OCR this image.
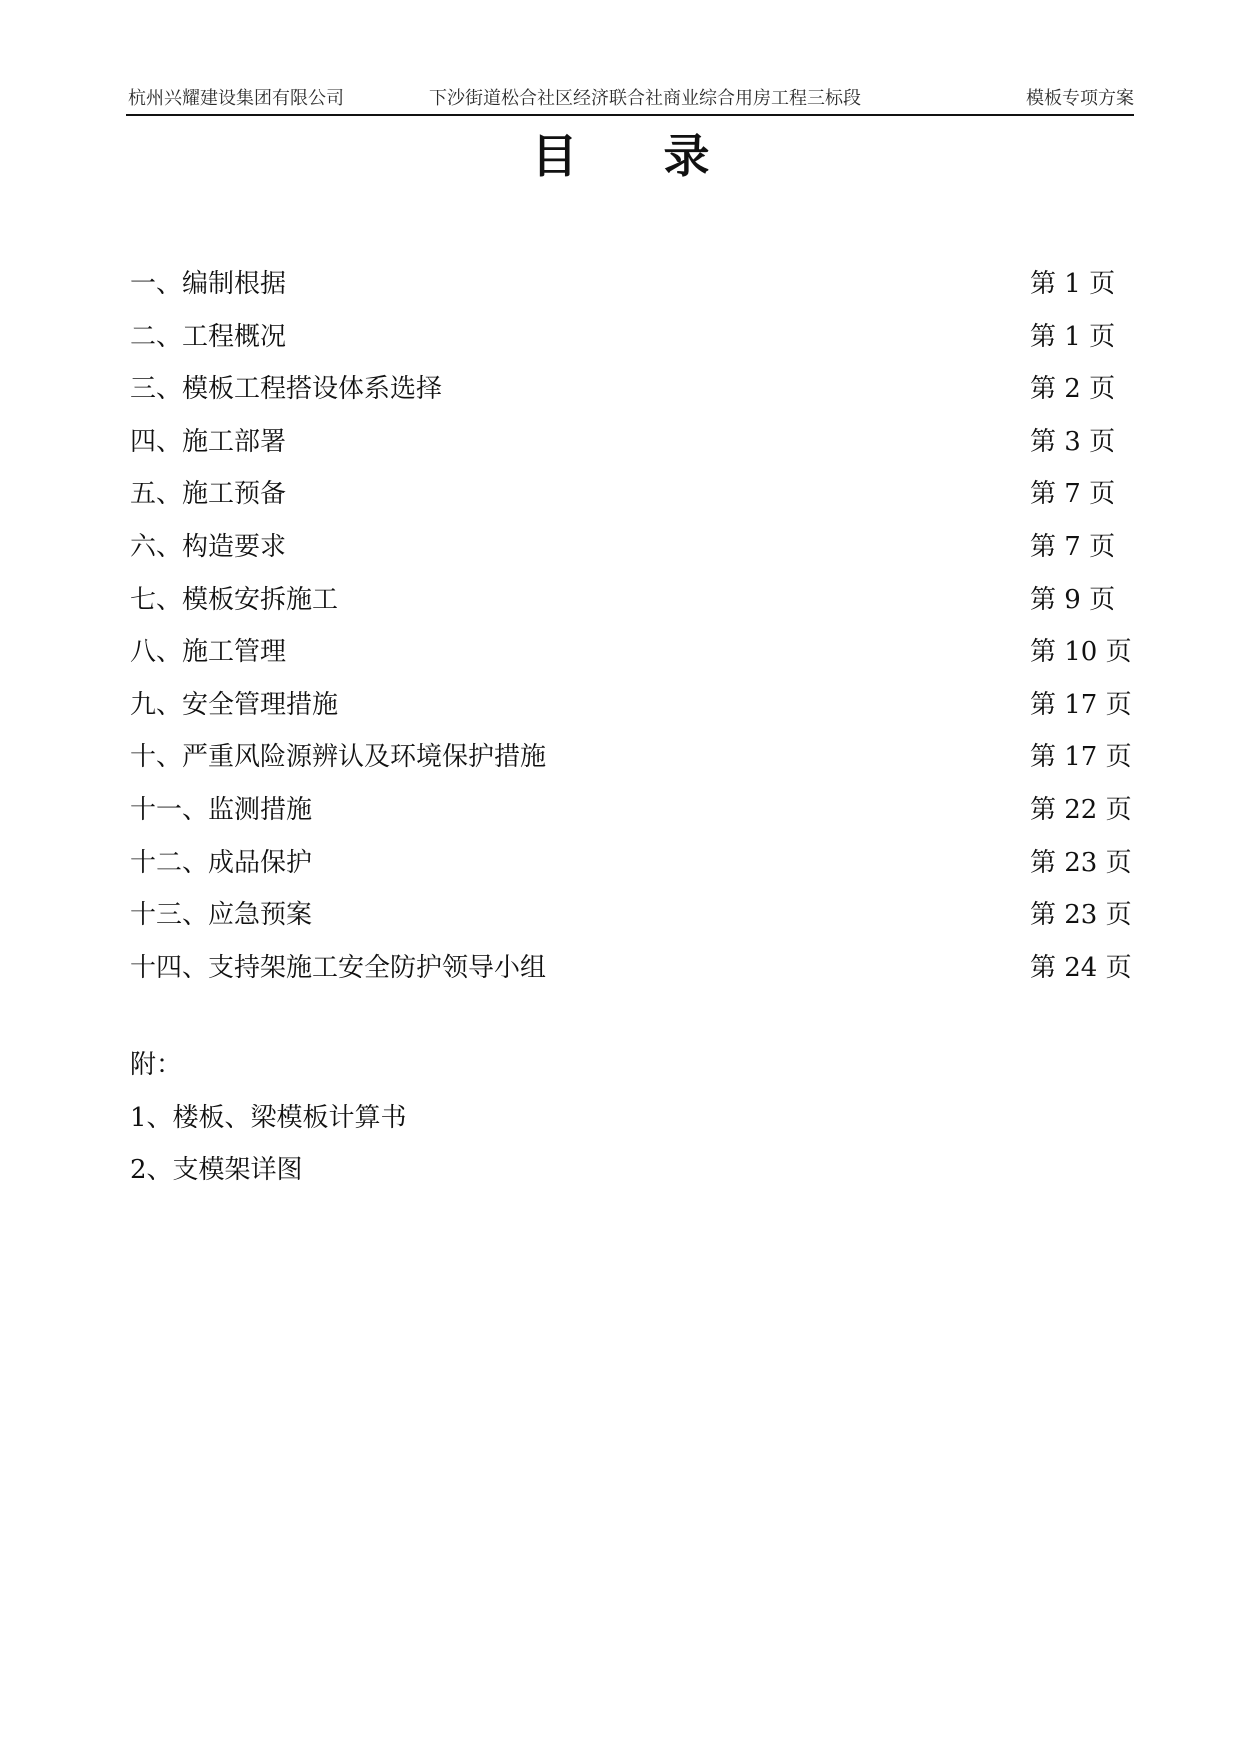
杭州兴耀建设集团有限公司	下沙街道松合社区经济联合社商业综合用房工程三标段	模板专项方案
目录
一、编制根据	第 1 页
二、工程概况	第 1 页
三、模板工程搭设体系选择	第 2 页
四、施工部署	第 3 页
五、施工预备	第 7 页
六、构造要求	第 7 页
七、模板安拆施工	第 9 页
八、施工管理	第 10 页
九、安全管理措施	第 17 页
十、严重风险源辨认及环境保护措施	第 17 页
十一、监测措施	第 22 页
十二、成品保护	第 23 页
十三、应急预案	第 23 页
十四、支持架施工安全防护领导小组	第 24 页
附：
1、楼板、梁模板计算书
2、支模架详图
